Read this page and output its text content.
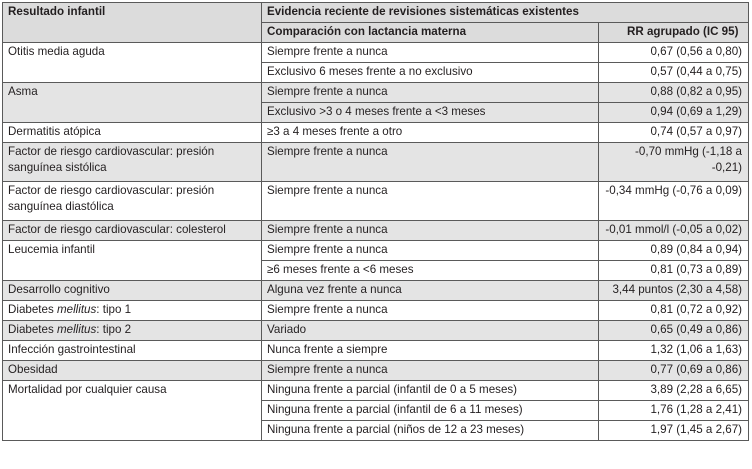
Resultado infantil	Evidencia reciente de revisiones sistemáticas existentes	
	Comparación con lactancia materna	RR agrupado (IC 95)
Otitis media aguda	Siempre frente a nunca	0,67 (0,56 a 0,80)
	Exclusivo 6 meses frente a no exclusivo	0,57 (0,44 a 0,75)
Asma	Siempre frente a nunca	0,88 (0,82 a 0,95)
	Exclusivo >3 o 4 meses frente a <3 meses	0,94 (0,69 a 1,29)
Dermatitis atópica	≥3 a 4 meses frente a otro	0,74 (0,57 a 0,97)
Factor de riesgo cardiovascular: presión sanguínea sistólica	Siempre frente a nunca	-0,70 mmHg (-1,18 a -0,21)
Factor de riesgo cardiovascular: presión sanguínea diastólica	Siempre frente a nunca	-0,34 mmHg (-0,76 a 0,09)
Factor de riesgo cardiovascular: colesterol	Siempre frente a nunca	-0,01 mmol/l (-0,05 a 0,02)
Leucemia infantil	Siempre frente a nunca	0,89 (0,84 a 0,94)
	≥6 meses frente a <6 meses	0,81 (0,73 a 0,89)
Desarrollo cognitivo	Alguna vez frente a nunca	3,44 puntos (2,30 a 4,58)
Diabetes mellitus: tipo 1	Siempre frente a nunca	0,81 (0,72 a 0,92)
Diabetes mellitus: tipo 2	Variado	0,65 (0,49 a 0,86)
Infección gastrointestinal	Nunca frente a siempre	1,32 (1,06 a 1,63)
Obesidad	Siempre frente a nunca	0,77 (0,69 a 0,86)
Mortalidad por cualquier causa	Ninguna frente a parcial (infantil de 0 a 5 meses)	3,89 (2,28 a 6,65)
	Ninguna frente a parcial (infantil de 6 a 11 meses)	1,76 (1,28 a 2,41)
	Ninguna frente a parcial (niños de 12 a 23 meses)	1,97 (1,45 a 2,67)
